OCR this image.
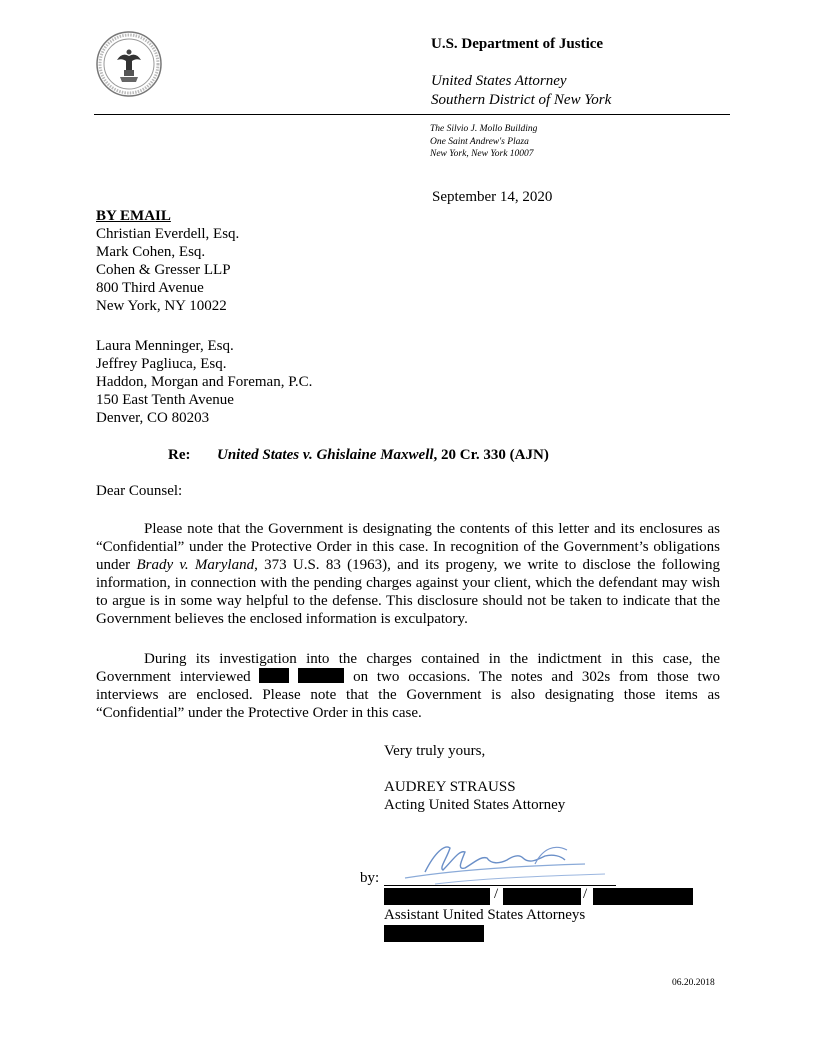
U.S. Department of Justice
United States Attorney
Southern District of New York
The Silvio J. Mollo Building
One Saint Andrew's Plaza
New York, New York 10007
September 14, 2020
BY EMAIL
Christian Everdell, Esq.
Mark Cohen, Esq.
Cohen & Gresser LLP
800 Third Avenue
New York, NY 10022
Laura Menninger, Esq.
Jeffrey Pagliuca, Esq.
Haddon, Morgan and Foreman, P.C.
150 East Tenth Avenue
Denver, CO 80203
Re: United States v. Ghislaine Maxwell, 20 Cr. 330 (AJN)
Dear Counsel:

Please note that the Government is designating the contents of this letter and its enclosures as “Confidential” under the Protective Order in this case. In recognition of the Government’s obligations under Brady v. Maryland, 373 U.S. 83 (1963), and its progeny, we write to disclose the following information, in connection with the pending charges against your client, which the defendant may wish to argue is in some way helpful to the defense. This disclosure should not be taken to indicate that the Government believes the enclosed information is exculpatory.

During its investigation into the charges contained in the indictment in this case, the Government interviewed	on two occasions. The notes and 302s from those two interviews are enclosed. Please note that the Government is also designating those items as “Confidential” under the Protective Order in this case.

Very truly yours,
AUDREY STRAUSS
Acting United States Attorney
by:
/	/
Assistant United States Attorneys
06.20.2018
